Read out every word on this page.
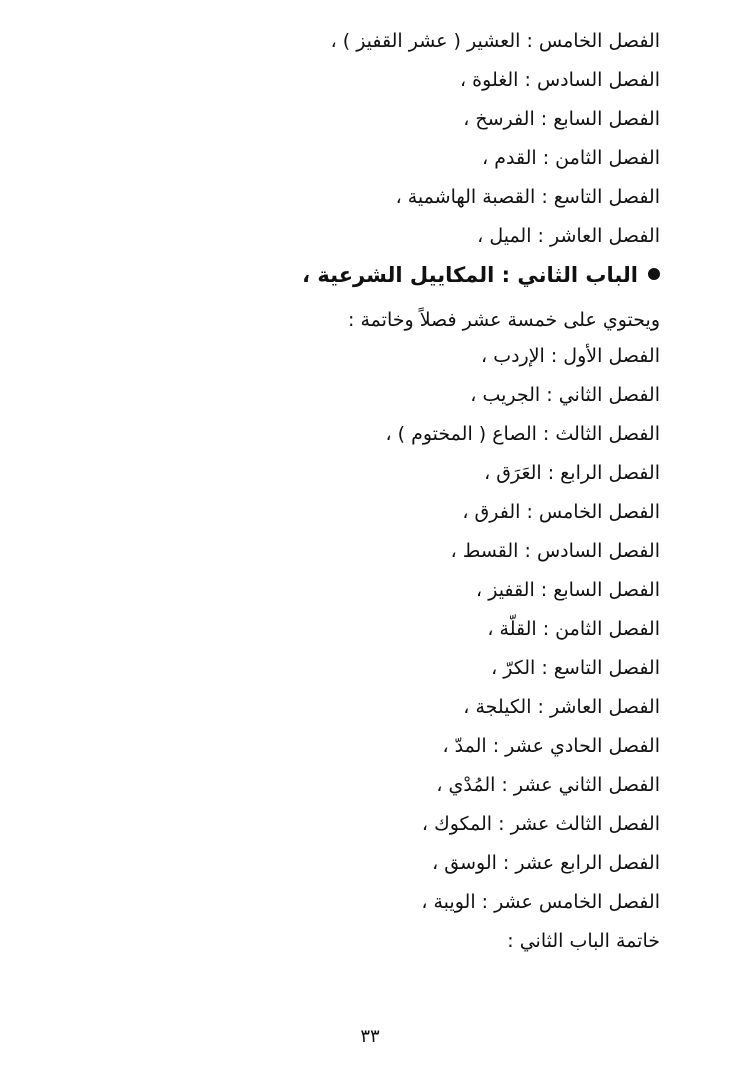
الفصل الخامس : العشير ( عشر القفيز ) ،
الفصل السادس : الغلوة ،
الفصل السابع : الفرسخ ،
الفصل الثامن : القدم ،
الفصل التاسع : القصبة الهاشمية ،
الفصل العاشر : الميل ،
الباب الثاني : المكاييل الشرعية ،
ويحتوي على خمسة عشر فصلاً وخاتمة :
الفصل الأول : الإردب ،
الفصل الثاني : الجريب ،
الفصل الثالث : الصاع ( المختوم ) ،
الفصل الرابع : العَرَق ،
الفصل الخامس : الفرق ،
الفصل السادس : القسط ،
الفصل السابع : القفيز ،
الفصل الثامن : القلّة ،
الفصل التاسع : الكرّ ،
الفصل العاشر : الكيلجة ،
الفصل الحادي عشر : المدّ ،
الفصل الثاني عشر : المُدْي ،
الفصل الثالث عشر : المكوك ،
الفصل الرابع عشر : الوسق ،
الفصل الخامس عشر : الويبة ،
خاتمة الباب الثاني :
٣٣
